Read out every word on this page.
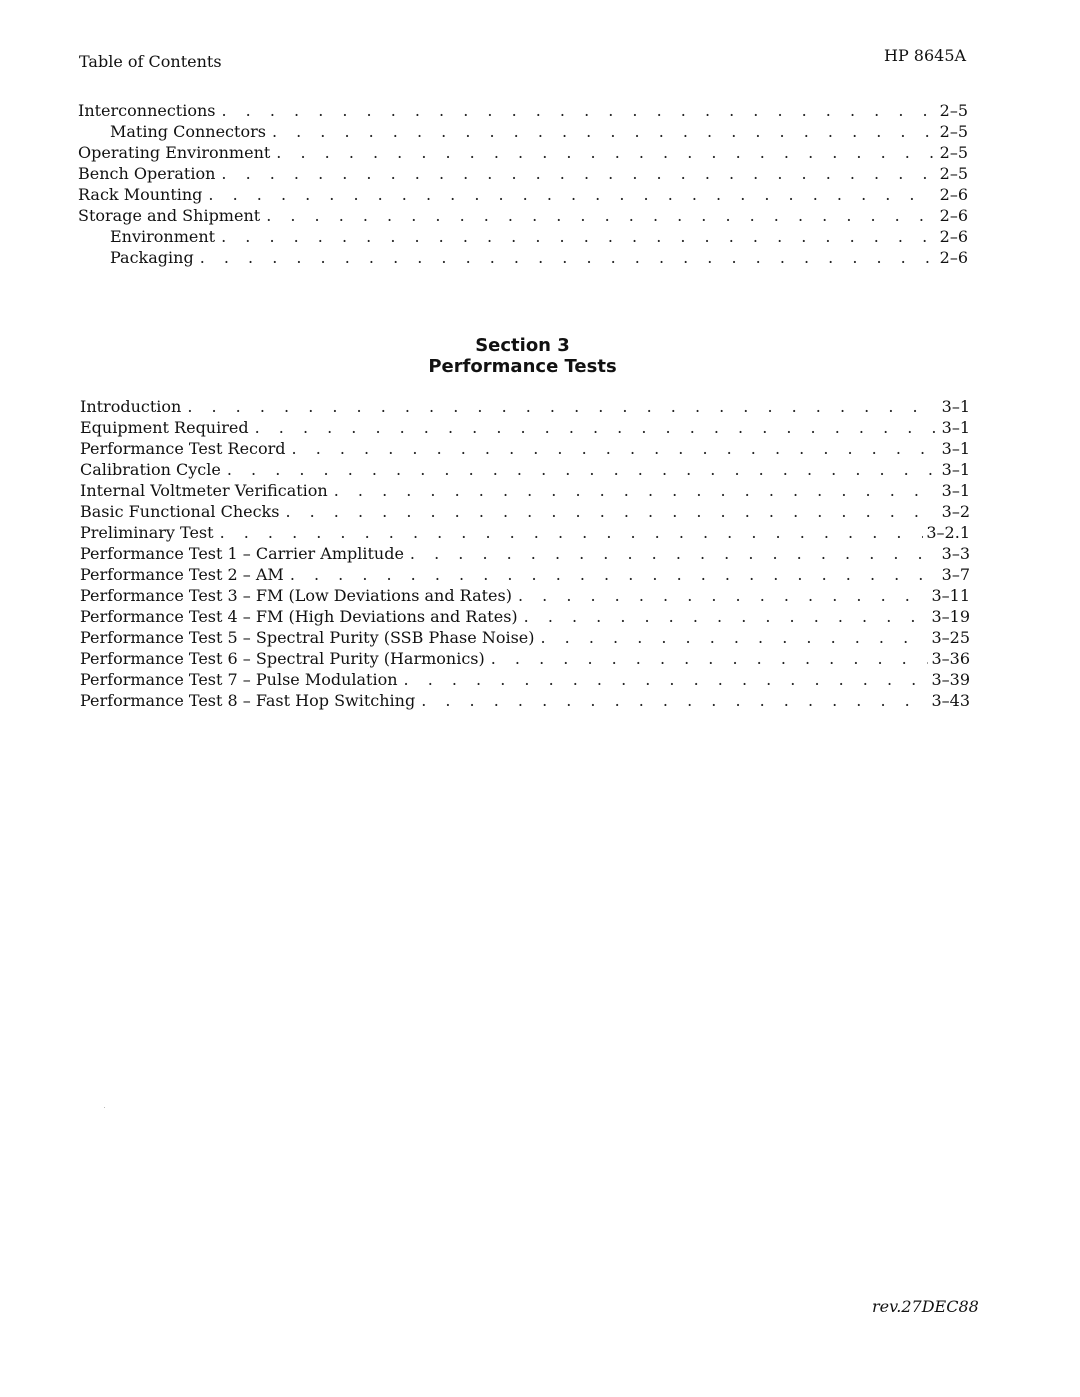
Table of Contents	HP 8645A
Interconnections . . .	2–5
Mating Connectors . . .	2–5
Operating Environment . . .	2–5
Bench Operation . . .	2–5
Rack Mounting . . .	2–6
Storage and Shipment . . .	2–6
Environment . . .	2–6
Packaging . . .	2–6
Section 3
Performance Tests
Introduction . . .	3–1
Equipment Required . . .	3–1
Performance Test Record . . .	3–1
Calibration Cycle . . .	3–1
Internal Voltmeter Verification . . .	3–1
Basic Functional Checks . . .	3–2
Preliminary Test . . .	3–2.1
Performance Test 1 – Carrier Amplitude . . .	3–3
Performance Test 2 – AM . . .	3–7
Performance Test 3 – FM (Low Deviations and Rates) . . .	3–11
Performance Test 4 – FM (High Deviations and Rates) . . .	3–19
Performance Test 5 – Spectral Purity (SSB Phase Noise) . . .	3–25
Performance Test 6 – Spectral Purity (Harmonics) . . .	3–36
Performance Test 7 – Pulse Modulation . . .	3–39
Performance Test 8 – Fast Hop Switching . . .	3–43
rev.27DEC88
